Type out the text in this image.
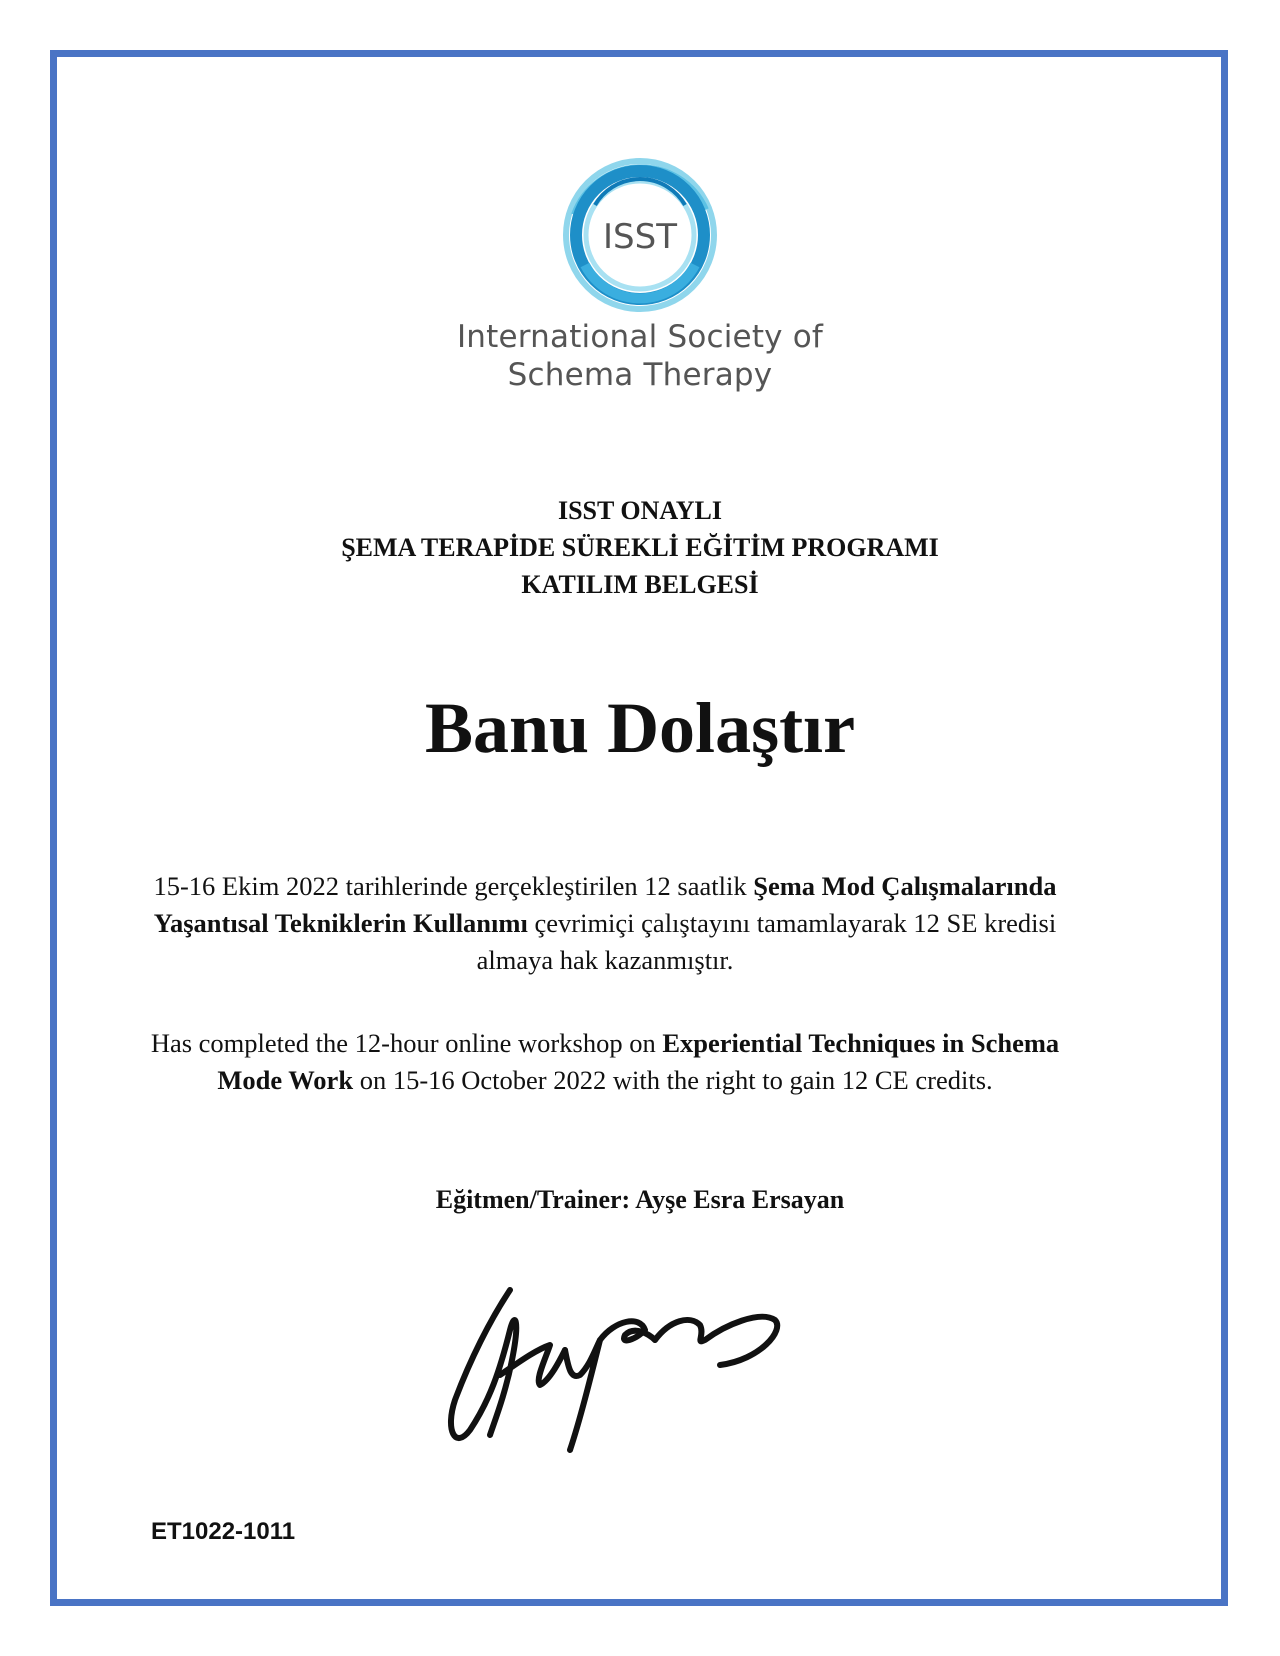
ISST
International Society of
Schema Therapy
ISST ONAYLI
ŞEMA TERAPİDE SÜREKLİ EĞİTİM PROGRAMI
KATILIM BELGESİ
Banu Dolaştır
15-16 Ekim 2022 tarihlerinde gerçekleştirilen 12 saatlik Şema Mod Çalışmalarında Yaşantısal Tekniklerin Kullanımı çevrimiçi çalıştayını tamamlayarak 12 SE kredisi almaya hak kazanmıştır.
Has completed the 12-hour online workshop on Experiential Techniques in Schema Mode Work on 15-16 October 2022 with the right to gain 12 CE credits.
Eğitmen/Trainer: Ayşe Esra Ersayan
ET1022-1011
